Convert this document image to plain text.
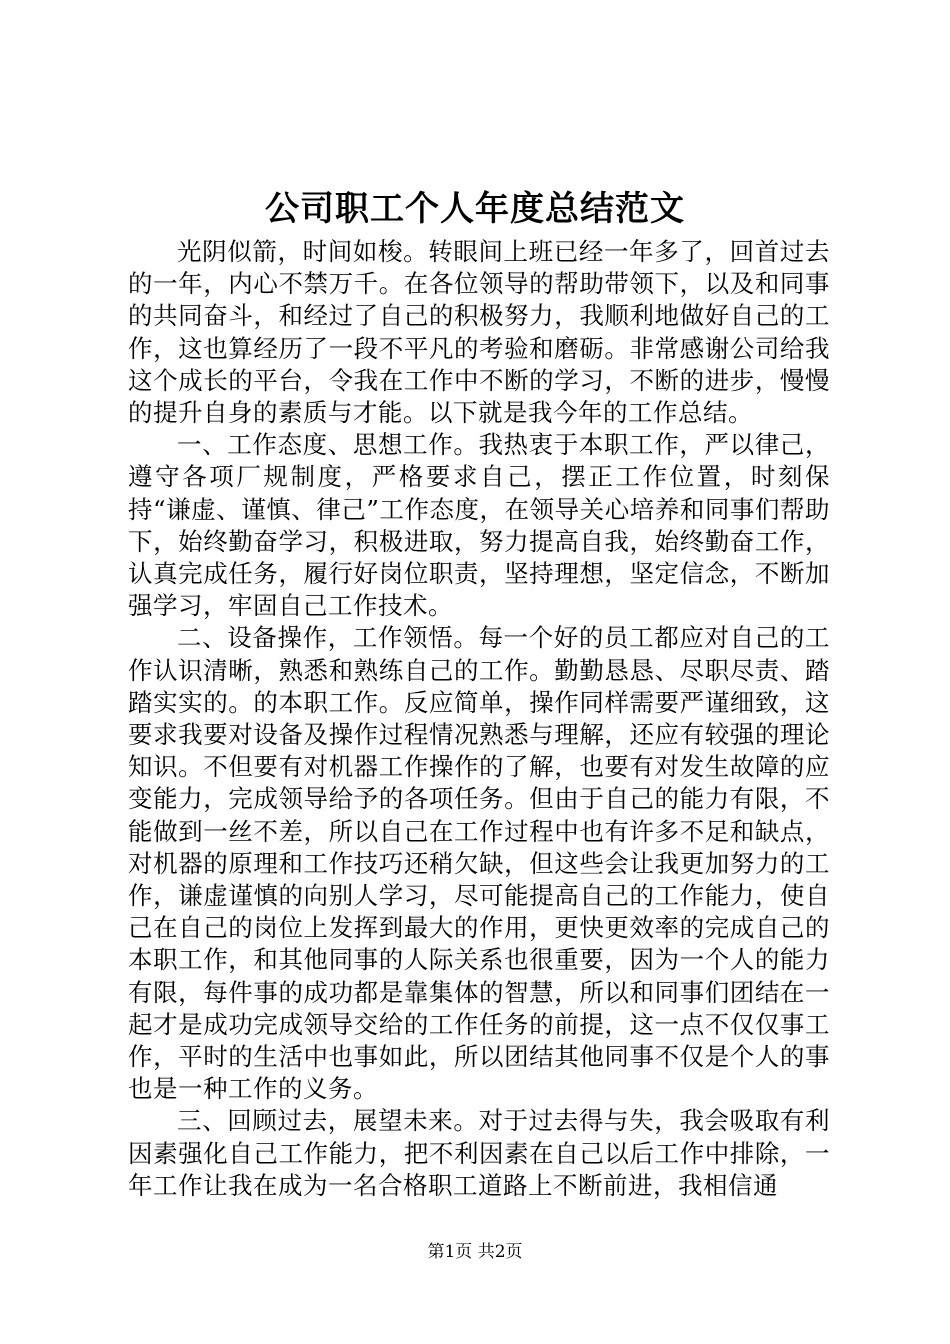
公司职工个人年度总结范文

光阴似箭，时间如梭。转眼间上班已经一年多了，回首过去的一年，内心不禁万千。在各位领导的帮助带领下，以及和同事的共同奋斗，和经过了自己的积极努力，我顺利地做好自己的工作，这也算经历了一段不平凡的考验和磨砺。非常感谢公司给我这个成长的平台，令我在工作中不断的学习，不断的进步，慢慢的提升自身的素质与才能。以下就是我今年的工作总结。

一、工作态度、思想工作。我热衷于本职工作，严以律己，遵守各项厂规制度，严格要求自己，摆正工作位置，时刻保持“谦虚、谨慎、律己”工作态度，在领导关心培养和同事们帮助下，始终勤奋学习，积极进取，努力提高自我，始终勤奋工作，认真完成任务，履行好岗位职责，坚持理想，坚定信念，不断加强学习，牢固自己工作技术。

二、设备操作，工作领悟。每一个好的员工都应对自己的工作认识清晰，熟悉和熟练自己的工作。勤勤恳恳、尽职尽责、踏踏实实的。的本职工作。反应简单，操作同样需要严谨细致，这要求我要对设备及操作过程情况熟悉与理解，还应有较强的理论知识。不但要有对机器工作操作的了解，也要有对发生故障的应变能力，完成领导给予的各项任务。但由于自己的能力有限，不能做到一丝不差，所以自己在工作过程中也有许多不足和缺点，对机器的原理和工作技巧还稍欠缺，但这些会让我更加努力的工作，谦虚谨慎的向别人学习，尽可能提高自己的工作能力，使自己在自己的岗位上发挥到最大的作用，更快更效率的完成自己的本职工作，和其他同事的人际关系也很重要，因为一个人的能力有限，每件事的成功都是靠集体的智慧，所以和同事们团结在一起才是成功完成领导交给的工作任务的前提，这一点不仅仅事工作，平时的生活中也事如此，所以团结其他同事不仅是个人的事也是一种工作的义务。

三、回顾过去，展望未来。对于过去得与失，我会吸取有利因素强化自己工作能力，把不利因素在自己以后工作中排除，一年工作让我在成为一名合格职工道路上不断前进，我相信通

第1页 共2页
